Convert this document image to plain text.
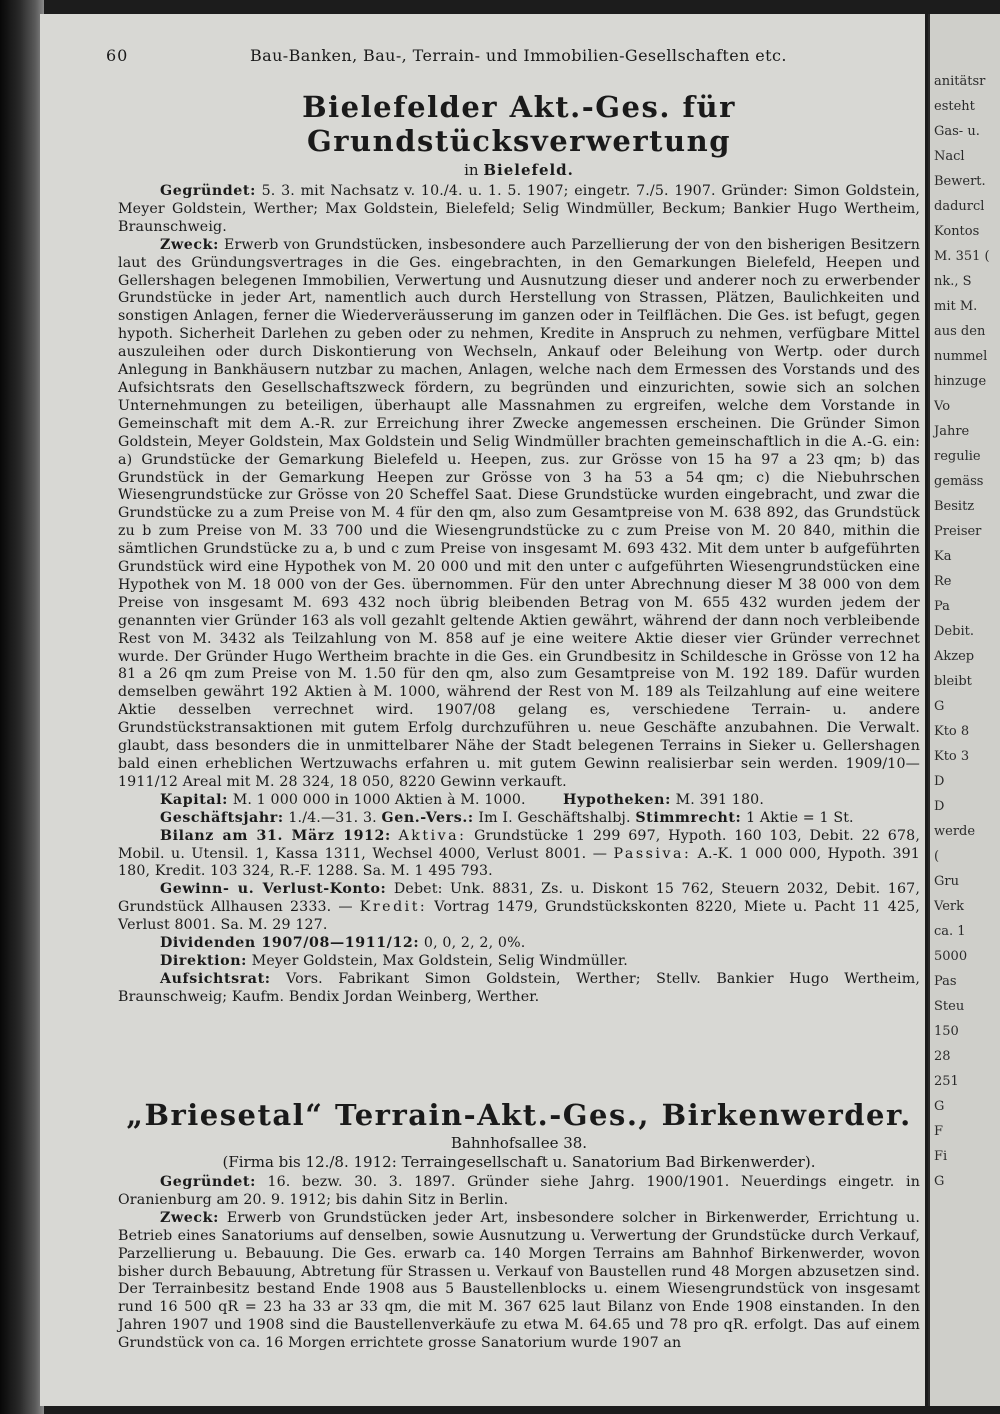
60	Bau-Banken, Bau-, Terrain- und Immobilien-Gesellschaften etc.
Bielefelder Akt.-Ges. für Grundstücksverwertung

in Bielefeld.

Gegründet: 5. 3. mit Nachsatz v. 10./4. u. 1. 5. 1907; eingetr. 7./5. 1907. Gründer: Simon Goldstein, Meyer Goldstein, Werther; Max Goldstein, Bielefeld; Selig Windmüller, Beckum; Bankier Hugo Wertheim, Braunschweig.

Zweck: Erwerb von Grundstücken, insbesondere auch Parzellierung der von den bisherigen Besitzern laut des Gründungsvertrages in die Ges. eingebrachten, in den Gemarkungen Bielefeld, Heepen und Gellershagen belegenen Immobilien, Verwertung und Ausnutzung dieser und anderer noch zu erwerbender Grundstücke in jeder Art, namentlich auch durch Herstellung von Strassen, Plätzen, Baulichkeiten und sonstigen Anlagen, ferner die Wiederveräusserung im ganzen oder in Teilflächen. Die Ges. ist befugt, gegen hypoth. Sicherheit Darlehen zu geben oder zu nehmen, Kredite in Anspruch zu nehmen, verfügbare Mittel auszuleihen oder durch Diskontierung von Wechseln, Ankauf oder Beleihung von Wertp. oder durch Anlegung in Bankhäusern nutzbar zu machen, Anlagen, welche nach dem Ermessen des Vorstands und des Aufsichtsrats den Gesellschaftszweck fördern, zu begründen und einzurichten, sowie sich an solchen Unternehmungen zu beteiligen, überhaupt alle Massnahmen zu ergreifen, welche dem Vorstande in Gemeinschaft mit dem A.-R. zur Erreichung ihrer Zwecke angemessen erscheinen. Die Gründer Simon Goldstein, Meyer Goldstein, Max Goldstein und Selig Windmüller brachten gemeinschaftlich in die A.-G. ein: a) Grundstücke der Gemarkung Bielefeld u. Heepen, zus. zur Grösse von 15 ha 97 a 23 qm; b) das Grundstück in der Gemarkung Heepen zur Grösse von 3 ha 53 a 54 qm; c) die Niebuhrschen Wiesengrundstücke zur Grösse von 20 Scheffel Saat. Diese Grundstücke wurden eingebracht, und zwar die Grundstücke zu a zum Preise von M. 4 für den qm, also zum Gesamtpreise von M. 638 892, das Grundstück zu b zum Preise von M. 33 700 und die Wiesengrundstücke zu c zum Preise von M. 20 840, mithin die sämtlichen Grundstücke zu a, b und c zum Preise von insgesamt M. 693 432. Mit dem unter b aufgeführten Grundstück wird eine Hypothek von M. 20 000 und mit den unter c aufgeführten Wiesengrundstücken eine Hypothek von M. 18 000 von der Ges. übernommen. Für den unter Abrechnung dieser M 38 000 von dem Preise von insgesamt M. 693 432 noch übrig bleibenden Betrag von M. 655 432 wurden jedem der genannten vier Gründer 163 als voll gezahlt geltende Aktien gewährt, während der dann noch verbleibende Rest von M. 3432 als Teilzahlung von M. 858 auf je eine weitere Aktie dieser vier Gründer verrechnet wurde. Der Gründer Hugo Wertheim brachte in die Ges. ein Grundbesitz in Schildesche in Grösse von 12 ha 81 a 26 qm zum Preise von M. 1.50 für den qm, also zum Gesamtpreise von M. 192 189. Dafür wurden demselben gewährt 192 Aktien à M. 1000, während der Rest von M. 189 als Teilzahlung auf eine weitere Aktie desselben verrechnet wird. 1907/08 gelang es, verschiedene Terrain- u. andere Grundstückstransaktionen mit gutem Erfolg durchzuführen u. neue Geschäfte anzubahnen. Die Verwalt. glaubt, dass besonders die in unmittelbarer Nähe der Stadt belegenen Terrains in Sieker u. Gellershagen bald einen erheblichen Wertzuwachs erfahren u. mit gutem Gewinn realisierbar sein werden. 1909/10—1911/12 Areal mit M. 28 324, 18 050, 8220 Gewinn verkauft.

Kapital: M. 1 000 000 in 1000 Aktien à M. 1000.	Hypotheken: M. 391 180.

Geschäftsjahr: 1./4.—31. 3. Gen.-Vers.: Im I. Geschäftshalbj. Stimmrecht: 1 Aktie = 1 St.

Bilanz am 31. März 1912: Aktiva: Grundstücke 1 299 697, Hypoth. 160 103, Debit. 22 678, Mobil. u. Utensil. 1, Kassa 1311, Wechsel 4000, Verlust 8001. — Passiva: A.-K. 1 000 000, Hypoth. 391 180, Kredit. 103 324, R.-F. 1288. Sa. M. 1 495 793.

Gewinn- u. Verlust-Konto: Debet: Unk. 8831, Zs. u. Diskont 15 762, Steuern 2032, Debit. 167, Grundstück Allhausen 2333. — Kredit: Vortrag 1479, Grundstückskonten 8220, Miete u. Pacht 11 425, Verlust 8001. Sa. M. 29 127.

Dividenden 1907/08—1911/12: 0, 0, 2, 2, 0%.

Direktion: Meyer Goldstein, Max Goldstein, Selig Windmüller.

Aufsichtsrat: Vors. Fabrikant Simon Goldstein, Werther; Stellv. Bankier Hugo Wertheim, Braunschweig; Kaufm. Bendix Jordan Weinberg, Werther.

„Briesetal“ Terrain-Akt.-Ges., Birkenwerder.

Bahnhofsallee 38.

(Firma bis 12./8. 1912: Terraingesellschaft u. Sanatorium Bad Birkenwerder).

Gegründet: 16. bezw. 30. 3. 1897. Gründer siehe Jahrg. 1900/1901. Neuerdings eingetr. in Oranienburg am 20. 9. 1912; bis dahin Sitz in Berlin.

Zweck: Erwerb von Grundstücken jeder Art, insbesondere solcher in Birkenwerder, Errichtung u. Betrieb eines Sanatoriums auf denselben, sowie Ausnutzung u. Verwertung der Grundstücke durch Verkauf, Parzellierung u. Bebauung. Die Ges. erwarb ca. 140 Morgen Terrains am Bahnhof Birkenwerder, wovon bisher durch Bebauung, Abtretung für Strassen u. Verkauf von Baustellen rund 48 Morgen abzusetzen sind. Der Terrainbesitz bestand Ende 1908 aus 5 Baustellenblocks u. einem Wiesengrundstück von insgesamt rund 16 500 qR = 23 ha 33 ar 33 qm, die mit M. 367 625 laut Bilanz von Ende 1908 einstanden. In den Jahren 1907 und 1908 sind die Baustellenverkäufe zu etwa M. 64.65 und 78 pro qR. erfolgt. Das auf einem Grundstück von ca. 16 Morgen errichtete grosse Sanatorium wurde 1907 an

anitätsr
esteht
Gas- u.
Nacl
Bewert.
dadurcl
Kontos
M. 351 (
nk., S
mit M.
aus den
nummel
hinzuge
Vo
Jahre
regulie
gemäss
Besitz
Preiser
Ka
Re
Pa
Debit.
Akzep
bleibt
G
Kto 8
Kto 3
D
D
werde
(
Gru
Verk
ca. 1
5000
Pas
Steu
150
28
251
G
F
Fi
G
